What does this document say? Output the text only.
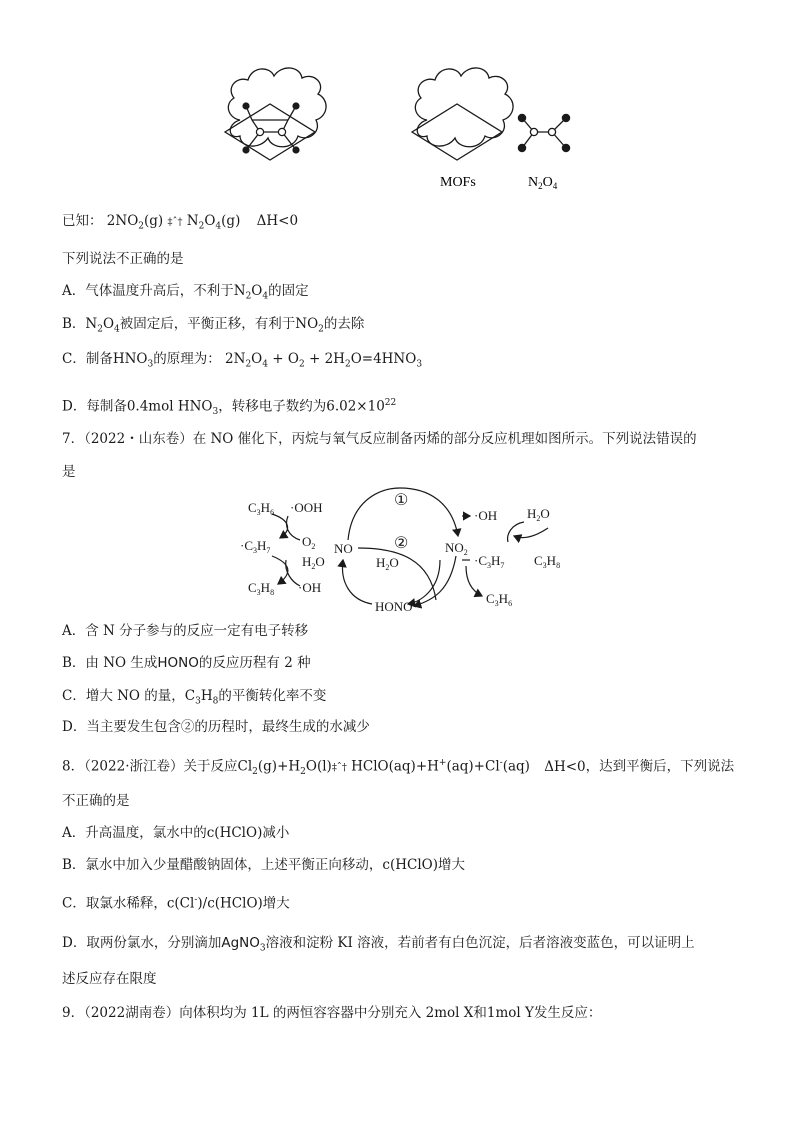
MOFs	$N_2O_4$
已知： $2NO_2(g)$ ‡ˆ† $N_2O_4(g)$ ΔH<0
下列说法不正确的是
A．气体温度升高后，不利于$N_2O_4$的固定
B．$N_2O_4$被固定后，平衡正移，有利于$NO_2$的去除
C．制备$HNO_3$的原理为： $2N_2O_4 + O_2 + 2H_2O=4HNO_3$
D．每制备0.4mol $HNO_3$，转移电子数约为$6.02\times 10^{22}$
7．（2022・山东卷）在 NO 催化下，丙烷与氧气反应制备丙烯的部分反应机理如图所示。下列说法错误的
是
$C_3H_6 \cdot OOH$
$O_2$
$\cdot C_3H_7$
$H_2O$
$C_3H_8 \cdot OH$
NO
①
②
$H_2O$
$NO_2$
HONO
·OH $H_2O$
$C_3H_8$
$\cdot C_3H_7$
$C_3H_6$
A．含 N 分子参与的反应一定有电子转移
B．由 NO 生成HONO的反应历程有 2 种
C．增大 NO 的量，$C_3H_8$的平衡转化率不变
D．当主要发生包含②的历程时，最终生成的水减少
8．（2022·浙江卷）关于反应$Cl_2(g)+H_2O(l)\ddagger ˆ\dagger$ HClO(aq)+H+(aq)+Cl-(aq) ΔH<0，达到平衡后，下列说法
不正确的是
A．升高温度，氯水中的c(HClO)减小
B．氯水中加入少量醋酸钠固体，上述平衡正向移动，c(HClO)增大
C．取氯水稀释，c(Cl-)/c(HClO)增大
D．取两份氯水，分别滴加AgNO$_3$溶液和淀粉 KI 溶液，若前者有白色沉淀，后者溶液变蓝色，可以证明上
述反应存在限度
9．（2022湖南卷）向体积均为 1L 的两恒容容器中分别充入 2mol X和1mol Y发生反应：
